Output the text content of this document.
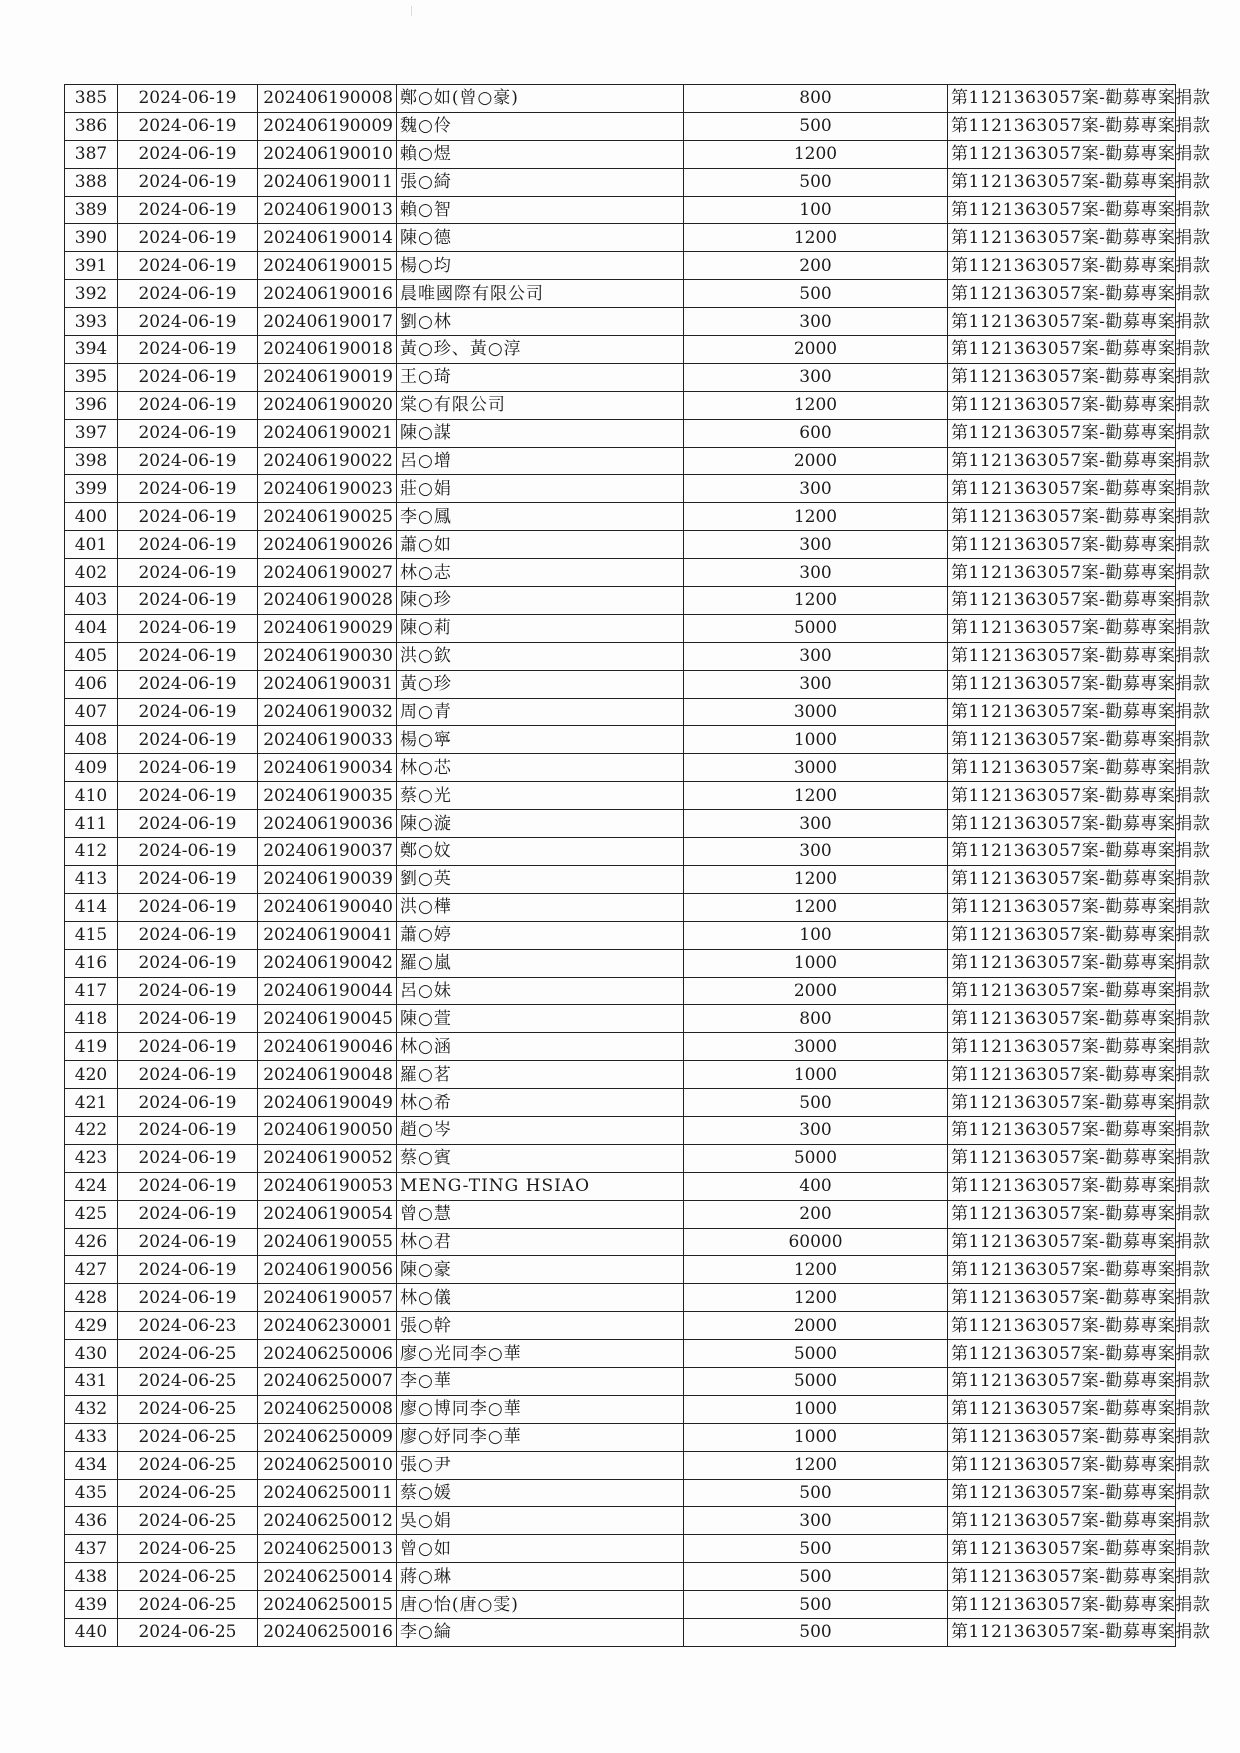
385	2024-06-19	202406190008	鄭○如(曾○豪)	800	第1121363057案-勸募專案捐款
386	2024-06-19	202406190009	魏○伶	500	第1121363057案-勸募專案捐款
387	2024-06-19	202406190010	賴○煜	1200	第1121363057案-勸募專案捐款
388	2024-06-19	202406190011	張○綺	500	第1121363057案-勸募專案捐款
389	2024-06-19	202406190013	賴○智	100	第1121363057案-勸募專案捐款
390	2024-06-19	202406190014	陳○德	1200	第1121363057案-勸募專案捐款
391	2024-06-19	202406190015	楊○均	200	第1121363057案-勸募專案捐款
392	2024-06-19	202406190016	晨唯國際有限公司	500	第1121363057案-勸募專案捐款
393	2024-06-19	202406190017	劉○林	300	第1121363057案-勸募專案捐款
394	2024-06-19	202406190018	黃○珍、黃○淳	2000	第1121363057案-勸募專案捐款
395	2024-06-19	202406190019	王○琦	300	第1121363057案-勸募專案捐款
396	2024-06-19	202406190020	棠○有限公司	1200	第1121363057案-勸募專案捐款
397	2024-06-19	202406190021	陳○謀	600	第1121363057案-勸募專案捐款
398	2024-06-19	202406190022	呂○增	2000	第1121363057案-勸募專案捐款
399	2024-06-19	202406190023	莊○娟	300	第1121363057案-勸募專案捐款
400	2024-06-19	202406190025	李○鳳	1200	第1121363057案-勸募專案捐款
401	2024-06-19	202406190026	蕭○如	300	第1121363057案-勸募專案捐款
402	2024-06-19	202406190027	林○志	300	第1121363057案-勸募專案捐款
403	2024-06-19	202406190028	陳○珍	1200	第1121363057案-勸募專案捐款
404	2024-06-19	202406190029	陳○莉	5000	第1121363057案-勸募專案捐款
405	2024-06-19	202406190030	洪○欽	300	第1121363057案-勸募專案捐款
406	2024-06-19	202406190031	黃○珍	300	第1121363057案-勸募專案捐款
407	2024-06-19	202406190032	周○青	3000	第1121363057案-勸募專案捐款
408	2024-06-19	202406190033	楊○寧	1000	第1121363057案-勸募專案捐款
409	2024-06-19	202406190034	林○芯	3000	第1121363057案-勸募專案捐款
410	2024-06-19	202406190035	蔡○光	1200	第1121363057案-勸募專案捐款
411	2024-06-19	202406190036	陳○漩	300	第1121363057案-勸募專案捐款
412	2024-06-19	202406190037	鄭○妏	300	第1121363057案-勸募專案捐款
413	2024-06-19	202406190039	劉○英	1200	第1121363057案-勸募專案捐款
414	2024-06-19	202406190040	洪○樺	1200	第1121363057案-勸募專案捐款
415	2024-06-19	202406190041	蕭○婷	100	第1121363057案-勸募專案捐款
416	2024-06-19	202406190042	羅○嵐	1000	第1121363057案-勸募專案捐款
417	2024-06-19	202406190044	呂○妹	2000	第1121363057案-勸募專案捐款
418	2024-06-19	202406190045	陳○萱	800	第1121363057案-勸募專案捐款
419	2024-06-19	202406190046	林○涵	3000	第1121363057案-勸募專案捐款
420	2024-06-19	202406190048	羅○茗	1000	第1121363057案-勸募專案捐款
421	2024-06-19	202406190049	林○希	500	第1121363057案-勸募專案捐款
422	2024-06-19	202406190050	趙○岑	300	第1121363057案-勸募專案捐款
423	2024-06-19	202406190052	蔡○賓	5000	第1121363057案-勸募專案捐款
424	2024-06-19	202406190053	MENG-TING HSIAO	400	第1121363057案-勸募專案捐款
425	2024-06-19	202406190054	曾○慧	200	第1121363057案-勸募專案捐款
426	2024-06-19	202406190055	林○君	60000	第1121363057案-勸募專案捐款
427	2024-06-19	202406190056	陳○豪	1200	第1121363057案-勸募專案捐款
428	2024-06-19	202406190057	林○儀	1200	第1121363057案-勸募專案捐款
429	2024-06-23	202406230001	張○幹	2000	第1121363057案-勸募專案捐款
430	2024-06-25	202406250006	廖○光同李○華	5000	第1121363057案-勸募專案捐款
431	2024-06-25	202406250007	李○華	5000	第1121363057案-勸募專案捐款
432	2024-06-25	202406250008	廖○博同李○華	1000	第1121363057案-勸募專案捐款
433	2024-06-25	202406250009	廖○妤同李○華	1000	第1121363057案-勸募專案捐款
434	2024-06-25	202406250010	張○尹	1200	第1121363057案-勸募專案捐款
435	2024-06-25	202406250011	蔡○媛	500	第1121363057案-勸募專案捐款
436	2024-06-25	202406250012	吳○娟	300	第1121363057案-勸募專案捐款
437	2024-06-25	202406250013	曾○如	500	第1121363057案-勸募專案捐款
438	2024-06-25	202406250014	蔣○琳	500	第1121363057案-勸募專案捐款
439	2024-06-25	202406250015	唐○怡(唐○雯)	500	第1121363057案-勸募專案捐款
440	2024-06-25	202406250016	李○綸	500	第1121363057案-勸募專案捐款
